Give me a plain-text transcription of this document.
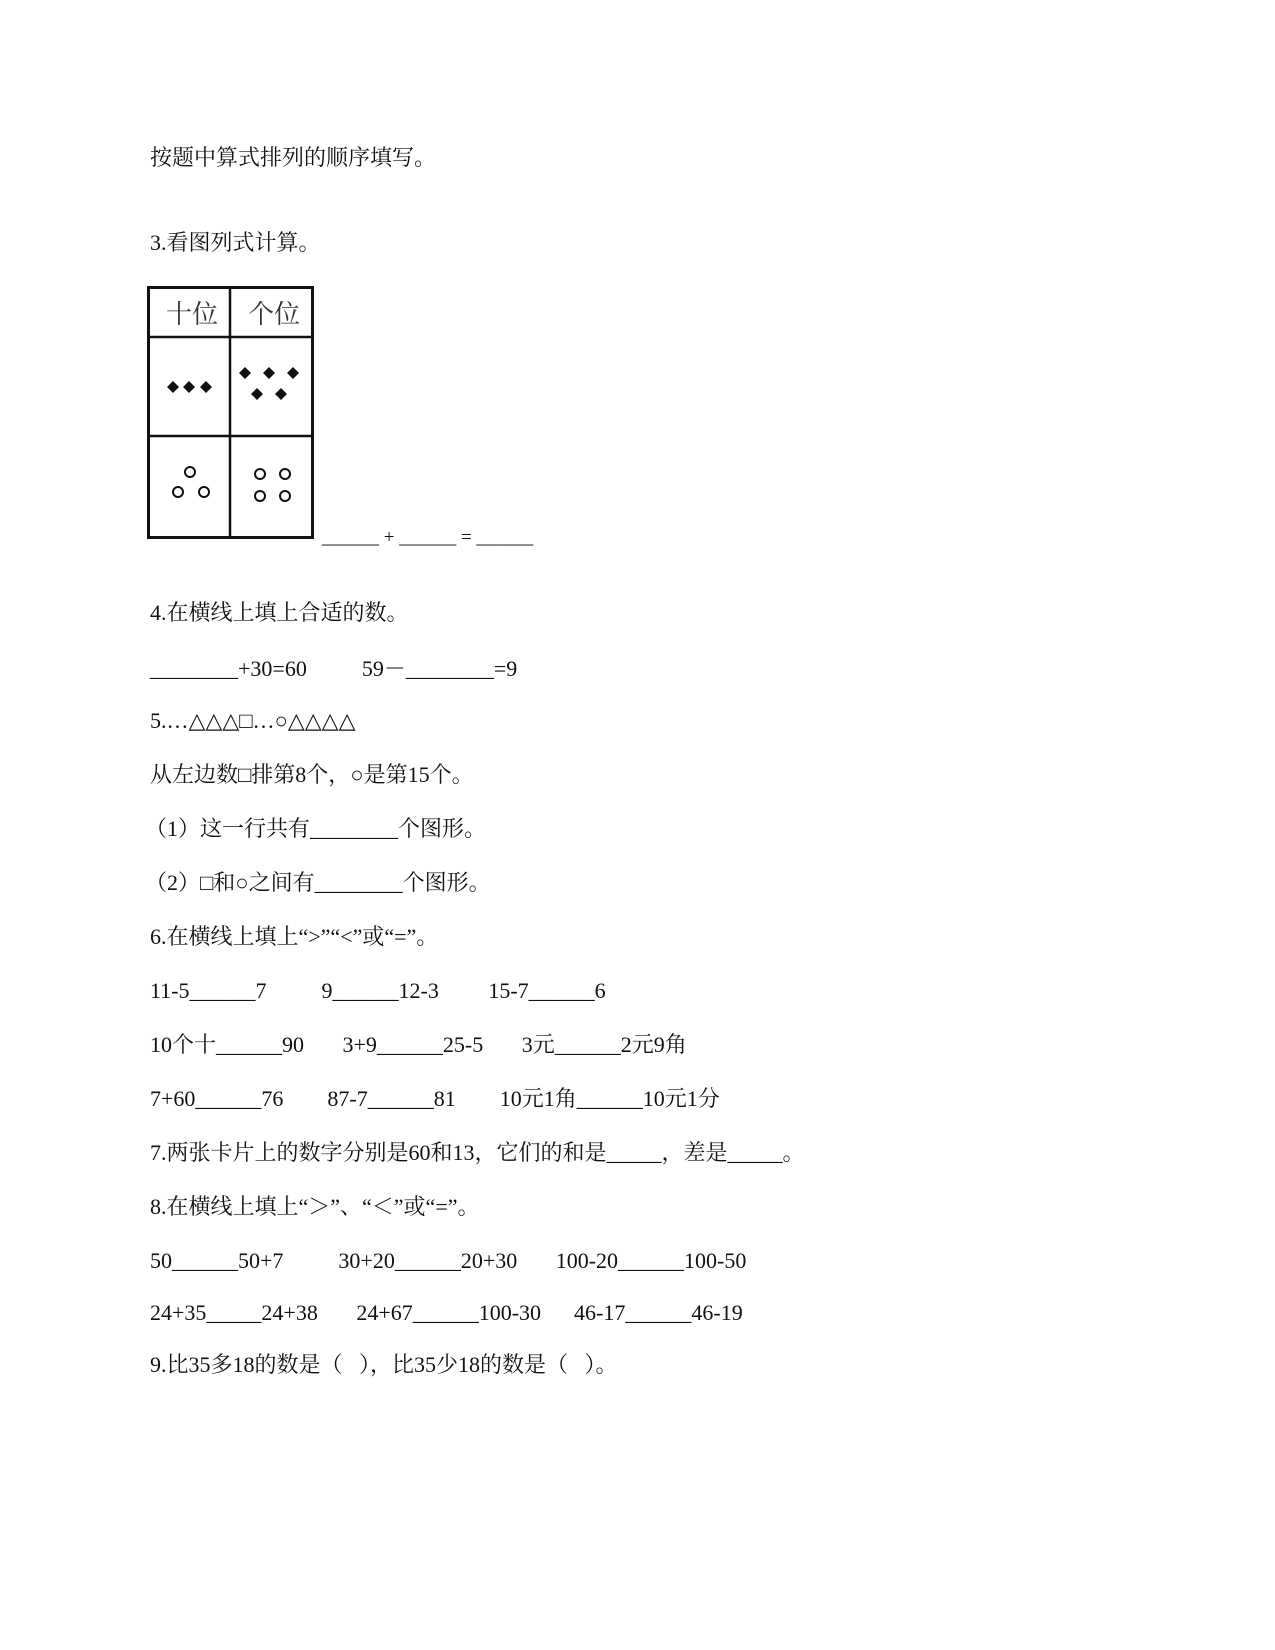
按题中算式排列的顺序填写。
3.看图列式计算。
十位 个位
______ + ______ = ______
4.在横线上填上合适的数。
________+30=60          59－________=9
5.…△△△□…○△△△△
从左边数□排第8个，○是第15个。
（1）这一行共有________个图形。
（2）□和○之间有________个图形。
6.在横线上填上“>”“<”或“=”。
11-5______7          9______12-3         15-7______6
10个十______90       3+9______25-5       3元______2元9角
7+60______76        87-7______81        10元1角______10元1分
7.两张卡片上的数字分别是60和13，它们的和是_____，差是_____。
8.在横线上填上“＞”、“＜”或“=”。
50______50+7          30+20______20+30       100-20______100-50
24+35_____24+38       24+67______100-30      46-17______46-19
9.比35多18的数是（   ），比35少18的数是（   ）。
